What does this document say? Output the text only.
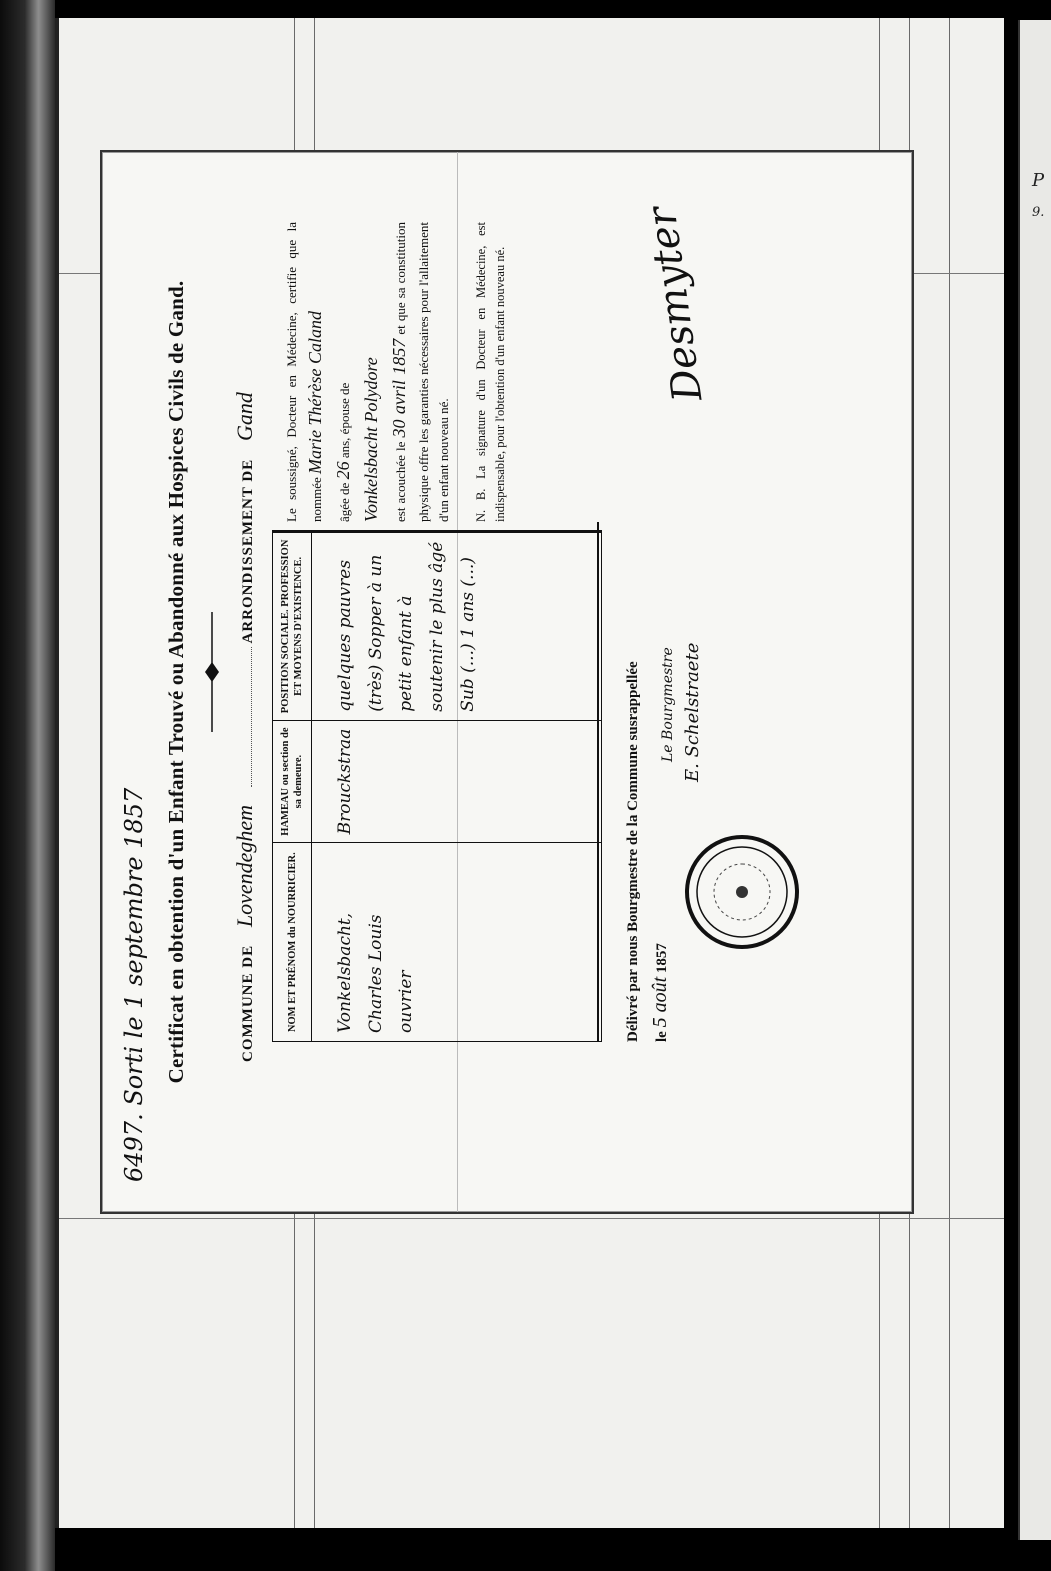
P
9.
6497. Sorti le 1 septembre 1857 Certificat en obtention d'un Enfant Trouvé ou Abandonné aux Hospices Civils de Gand.	COMMUNE DE Lovendeghem  ARRONDISSEMENT DE Gand
NOM ET PRÉNOM du NOURRICIER.	HAMEAU ou section de sa demeure.	POSITION SOCIALE. PROFESSION ET MOYENS D'EXISTENCE.
Vonkelsbacht, Charles Louis ouvrier	Brouckstraa	quelques pauvres (très) Sopper à un petit enfant à soutenir le plus âgé Sub (...) 1 ans (...)
Le soussigné, Docteur en Médecine, certifie que la nommée Marie Thérèse Caland
âgée de 26 ans, épouse de Vonkelsbacht Polydore est acouchée le 30 avril 1857 et que sa constitution physique offre les garanties nécessaires pour l'allaitement d'un enfant nouveau né. N. B. La signature d'un Docteur en Médecine, est indispensable, pour l'obtention d'un enfant nouveau né.
Délivré par nous Bourgmestre de la Commune susrappellée le 5 août 1857
Le Bourgmestre E. Schelstraete
Desmyter
